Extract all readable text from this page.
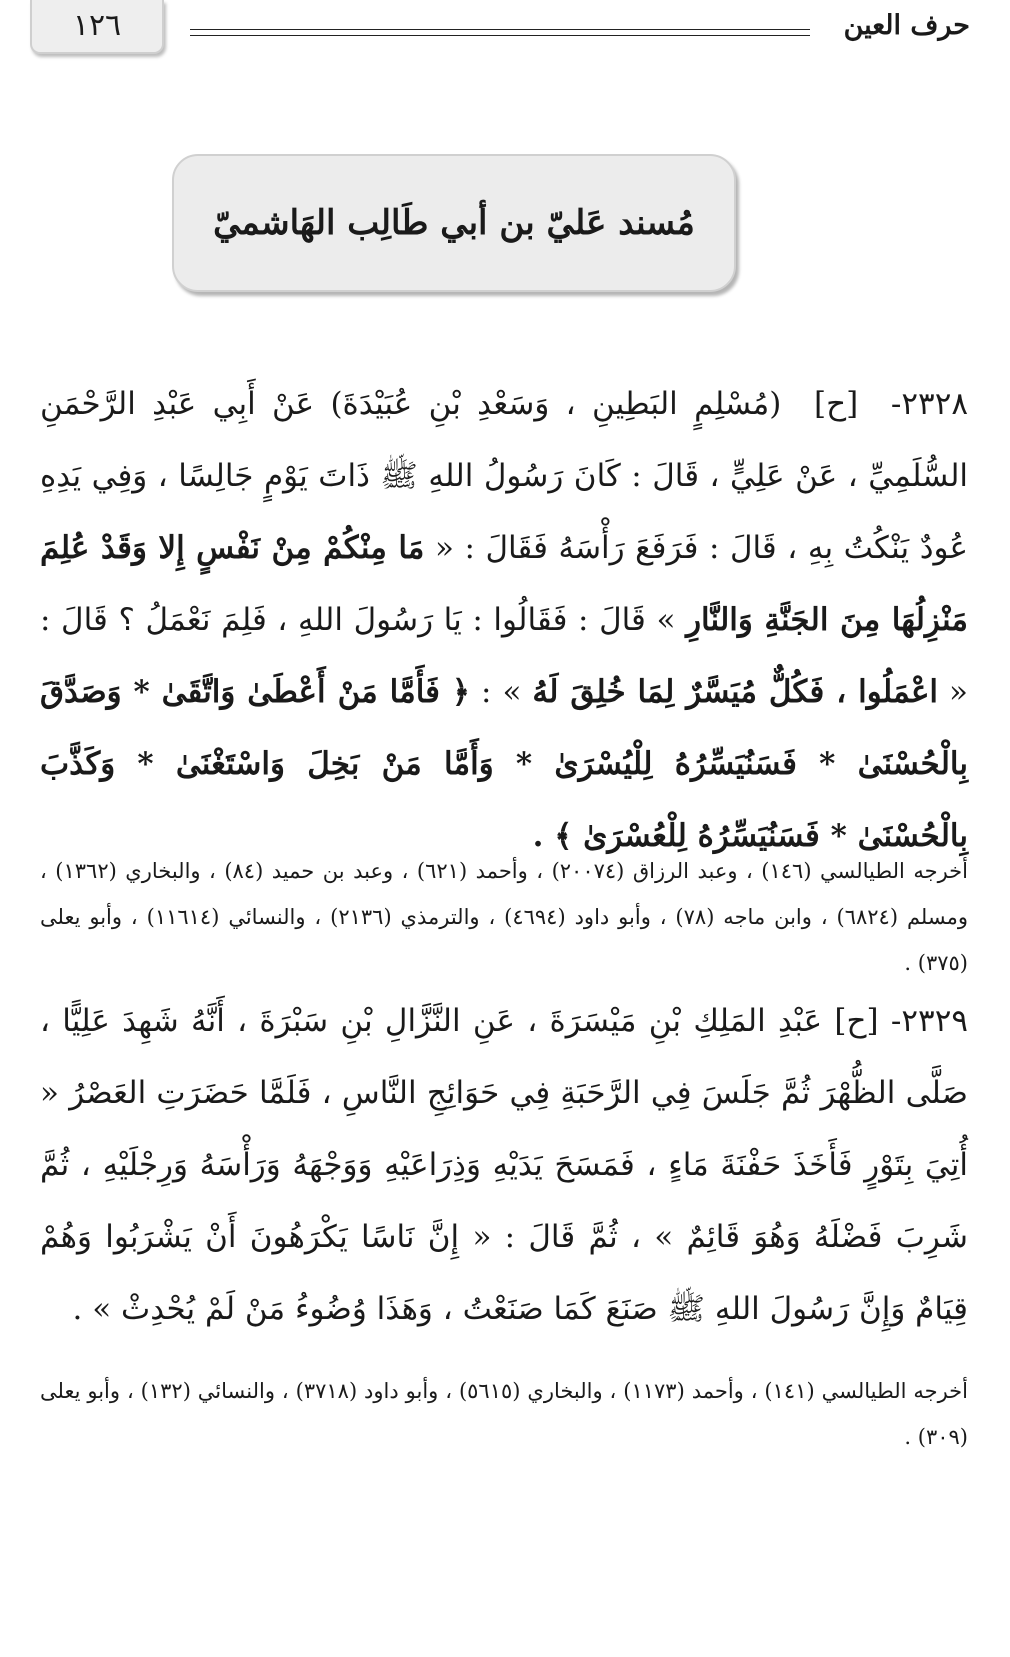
١٢٦	حرف العين
مُسند عَليّ بن أبي طَالِب الهَاشميّ
٢٣٢٨-  [ح]  (مُسْلِمٍ البَطِينِ ، وَسَعْدِ بْنِ عُبَيْدَةَ) عَنْ أَبِي عَبْدِ الرَّحْمَنِ السُّلَمِيِّ ، عَنْ عَلِيٍّ ، قَالَ : كَانَ رَسُولُ اللهِ ﷺ ذَاتَ يَوْمٍ جَالِسًا ، وَفِي يَدِهِ عُودٌ يَنْكُتُ بِهِ ، قَالَ : فَرَفَعَ رَأْسَهُ فَقَالَ : « مَا مِنْكُمْ مِنْ نَفْسٍ إِلا وَقَدْ عُلِمَ مَنْزِلُهَا مِنَ الجَنَّةِ وَالنَّارِ » قَالَ : فَقَالُوا : يَا رَسُولَ اللهِ ، فَلِمَ نَعْمَلُ ؟ قَالَ : « اعْمَلُوا ، فَكُلٌّ مُيَسَّرٌ لِمَا خُلِقَ لَهُ » : ﴿ فَأَمَّا مَنْ أَعْطَىٰ وَاتَّقَىٰ * وَصَدَّقَ بِالْحُسْنَىٰ * فَسَنُيَسِّرُهُ لِلْيُسْرَىٰ * وَأَمَّا مَنْ بَخِلَ وَاسْتَغْنَىٰ * وَكَذَّبَ بِالْحُسْنَىٰ * فَسَنُيَسِّرُهُ لِلْعُسْرَىٰ ﴾ .
أخرجه الطيالسي (١٤٦) ، وعبد الرزاق (٢٠٠٧٤) ، وأحمد (٦٢١) ، وعبد بن حميد (٨٤) ، والبخاري (١٣٦٢) ، ومسلم (٦٨٢٤) ، وابن ماجه (٧٨) ، وأبو داود (٤٦٩٤) ، والترمذي (٢١٣٦) ، والنسائي (١١٦١٤) ، وأبو يعلى (٣٧٥) .
٢٣٢٩- [ح] عَبْدِ المَلِكِ بْنِ مَيْسَرَةَ ، عَنِ النَّزَّالِ بْنِ سَبْرَةَ ، أَنَّهُ شَهِدَ عَلِيًّا ، صَلَّى الظُّهْرَ ثُمَّ جَلَسَ فِي الرَّحَبَةِ فِي حَوَائِجِ النَّاسِ ، فَلَمَّا حَضَرَتِ العَصْرُ « أُتِيَ بِتَوْرٍ فَأَخَذَ حَفْنَةَ مَاءٍ ، فَمَسَحَ يَدَيْهِ وَذِرَاعَيْهِ وَوَجْهَهُ وَرَأْسَهُ وَرِجْلَيْهِ ، ثُمَّ شَرِبَ فَضْلَهُ وَهُوَ قَائِمٌ » ، ثُمَّ قَالَ : « إِنَّ نَاسًا يَكْرَهُونَ أَنْ يَشْرَبُوا وَهُمْ قِيَامٌ وَإِنَّ رَسُولَ اللهِ ﷺ صَنَعَ كَمَا صَنَعْتُ ، وَهَذَا وُضُوءُ مَنْ لَمْ يُحْدِثْ » .
أخرجه الطيالسي (١٤١) ، وأحمد (١١٧٣) ، والبخاري (٥٦١٥) ، وأبو داود (٣٧١٨) ، والنسائي (١٣٢) ، وأبو يعلى (٣٠٩) .
